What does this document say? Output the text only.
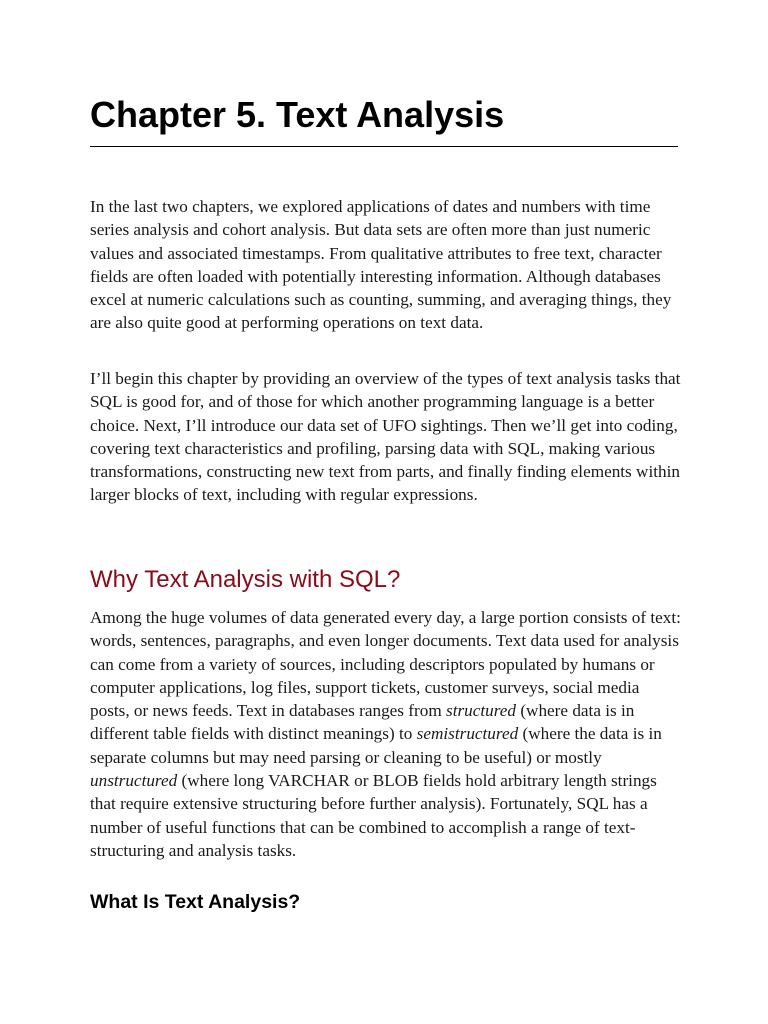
Chapter 5. Text Analysis

In the last two chapters, we explored applications of dates and numbers with time series analysis and cohort analysis. But data sets are often more than just numeric values and associated timestamps. From qualitative attributes to free text, character fields are often loaded with potentially interesting information. Although databases excel at numeric calculations such as counting, summing, and averaging things, they are also quite good at performing operations on text data.

I’ll begin this chapter by providing an overview of the types of text analysis tasks that SQL is good for, and of those for which another programming language is a better choice. Next, I’ll introduce our data set of UFO sightings. Then we’ll get into coding, covering text characteristics and profiling, parsing data with SQL, making various transformations, constructing new text from parts, and finally finding elements within larger blocks of text, including with regular expressions.

Why Text Analysis with SQL?

Among the huge volumes of data generated every day, a large portion consists of text: words, sentences, paragraphs, and even longer documents. Text data used for analysis can come from a variety of sources, including descriptors populated by humans or computer applications, log files, support tickets, customer surveys, social media posts, or news feeds. Text in databases ranges from structured (where data is in different table fields with distinct meanings) to semistructured (where the data is in separate columns but may need parsing or cleaning to be useful) or mostly unstructured (where long VARCHAR or BLOB fields hold arbitrary length strings that require extensive structuring before further analysis). Fortunately, SQL has a number of useful functions that can be combined to accomplish a range of text-structuring and analysis tasks.

What Is Text Analysis?
